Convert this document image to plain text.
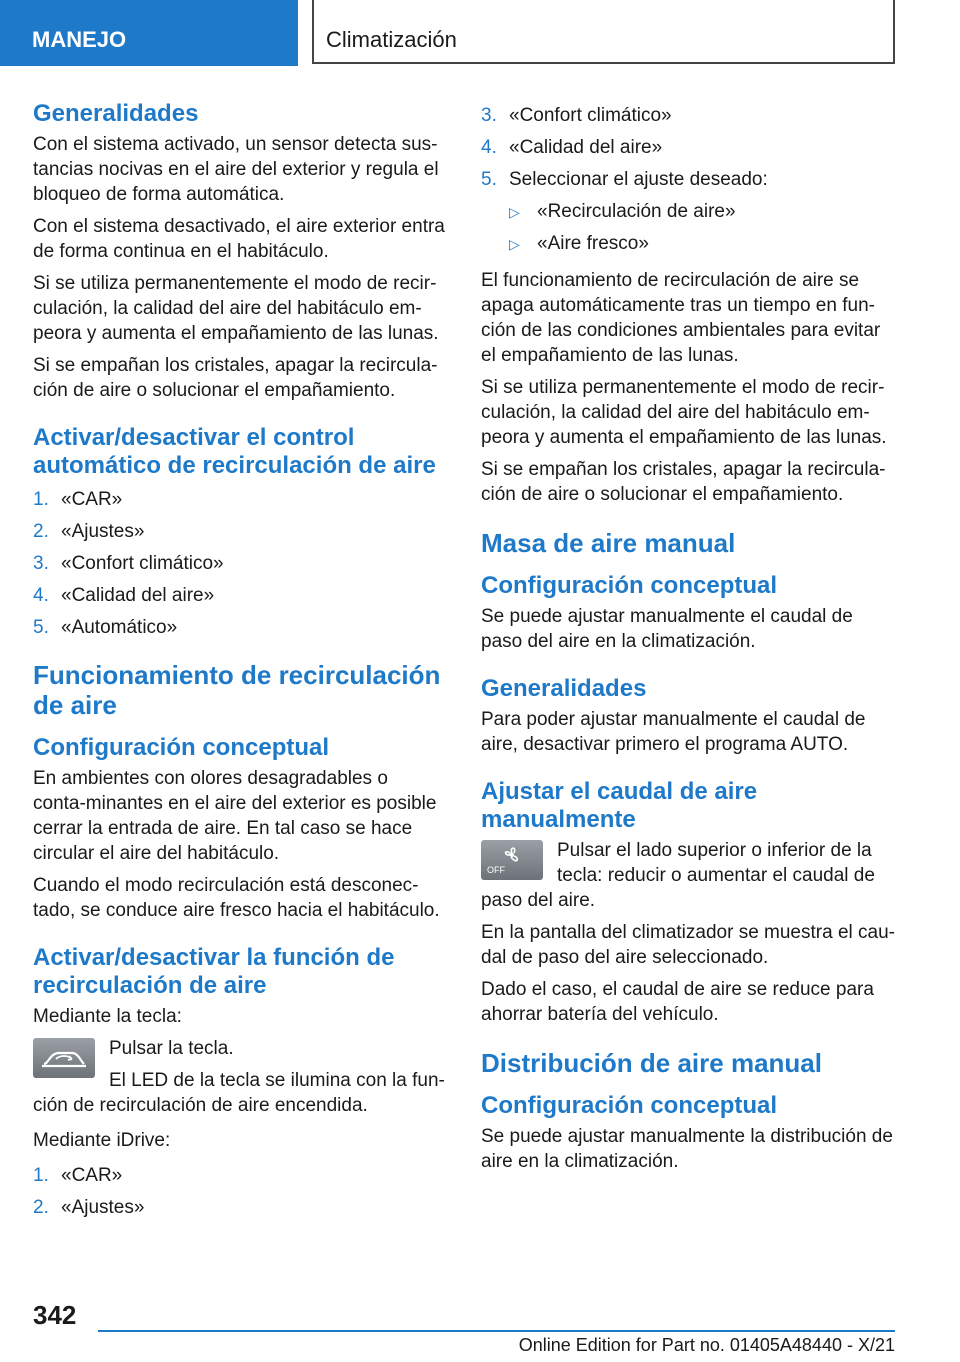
MANEJO	Climatización
Generalidades
Con el sistema activado, un sensor detecta sus-tancias nocivas en el aire del exterior y regula el bloqueo de forma automática.
Con el sistema desactivado, el aire exterior entra de forma continua en el habitáculo.
Si se utiliza permanentemente el modo de recir-culación, la calidad del aire del habitáculo em-peora y aumenta el empañamiento de las lunas.
Si se empañan los cristales, apagar la recircula-ción de aire o solucionar el empañamiento.
Activar/desactivar el control automático de recirculación de aire
1. «CAR»
2. «Ajustes»
3. «Confort climático»
4. «Calidad del aire»
5. «Automático»
Funcionamiento de recirculación de aire
Configuración conceptual
En ambientes con olores desagradables o conta-minantes en el aire del exterior es posible cerrar la entrada de aire. En tal caso se hace circular el aire del habitáculo.
Cuando el modo recirculación está desconec-tado, se conduce aire fresco hacia el habitáculo.
Activar/desactivar la función de recirculación de aire
Mediante la tecla:
Pulsar la tecla.
El LED de la tecla se ilumina con la fun-ción de recirculación de aire encendida.
Mediante iDrive:
1. «CAR»
2. «Ajustes»
3. «Confort climático»
4. «Calidad del aire»
5. Seleccionar el ajuste deseado:
▷ «Recirculación de aire»
▷ «Aire fresco»
El funcionamiento de recirculación de aire se apaga automáticamente tras un tiempo en fun-ción de las condiciones ambientales para evitar el empañamiento de las lunas.
Si se utiliza permanentemente el modo de recir-culación, la calidad del aire del habitáculo em-peora y aumenta el empañamiento de las lunas.
Si se empañan los cristales, apagar la recircula-ción de aire o solucionar el empañamiento.
Masa de aire manual
Configuración conceptual
Se puede ajustar manualmente el caudal de paso del aire en la climatización.
Generalidades
Para poder ajustar manualmente el caudal de aire, desactivar primero el programa AUTO.
Ajustar el caudal de aire manualmente
OFF
Pulsar el lado superior o inferior de la tecla: reducir o aumentar el caudal de paso del aire.
En la pantalla del climatizador se muestra el cau-dal de paso del aire seleccionado.
Dado el caso, el caudal de aire se reduce para ahorrar batería del vehículo.
Distribución de aire manual
Configuración conceptual
Se puede ajustar manualmente la distribución de aire en la climatización.
342
Online Edition for Part no. 01405A48440 - X/21
